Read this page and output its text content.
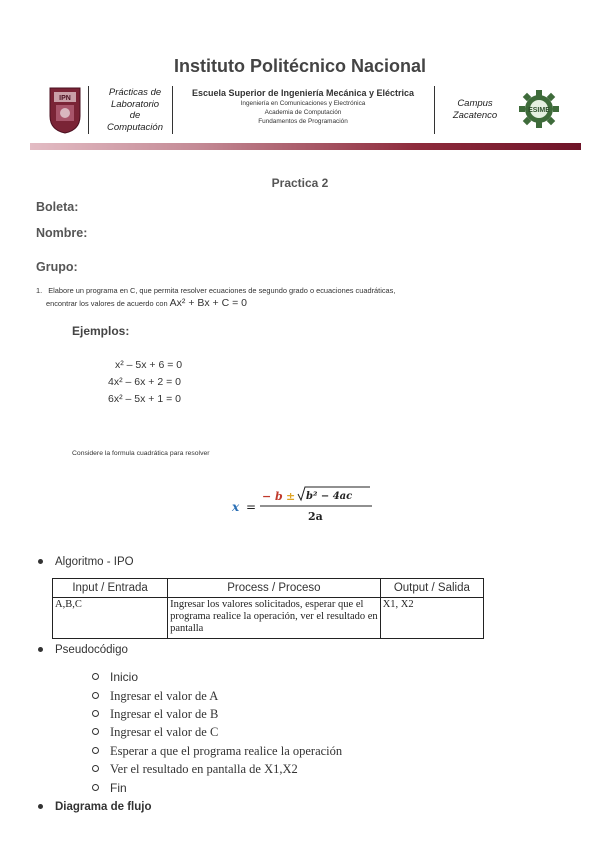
Instituto Politécnico Nacional
IPN
Prácticas de
Laboratorio
de
Computación
Escuela Superior de Ingeniería Mecánica y Eléctrica
Ingeniería en Comunicaciones y Electrónica
Academia de Computación
Fundamentos de Programación
Campus
Zacatenco	ESIME
Practica 2
Boleta:
Nombre:
Grupo:
1. Elabore un programa en C, que permita resolver ecuaciones de segundo grado o ecuaciones cuadráticas,
encontrar los valores de acuerdo con Ax² + Bx + C = 0
Ejemplos:
x² – 5x + 6 = 0
4x² – 6x + 2 = 0
6x² – 5x + 1 = 0
Considere la formula cuadrática para resolver
x =
− b ± b² − 4ac
2a
Algoritmo - IPO
Input / Entrada	Process / Proceso	Output / Salida
A,B,C	Ingresar los valores solicitados, esperar que el programa realice la operación, ver el resultado en pantalla	X1, X2
Pseudocódigo
Inicio
Ingresar el valor de A
Ingresar el valor de B
Ingresar el valor de C
Esperar a que el programa realice la operación
Ver el resultado en pantalla de X1,X2
Fin
Diagrama de flujo
